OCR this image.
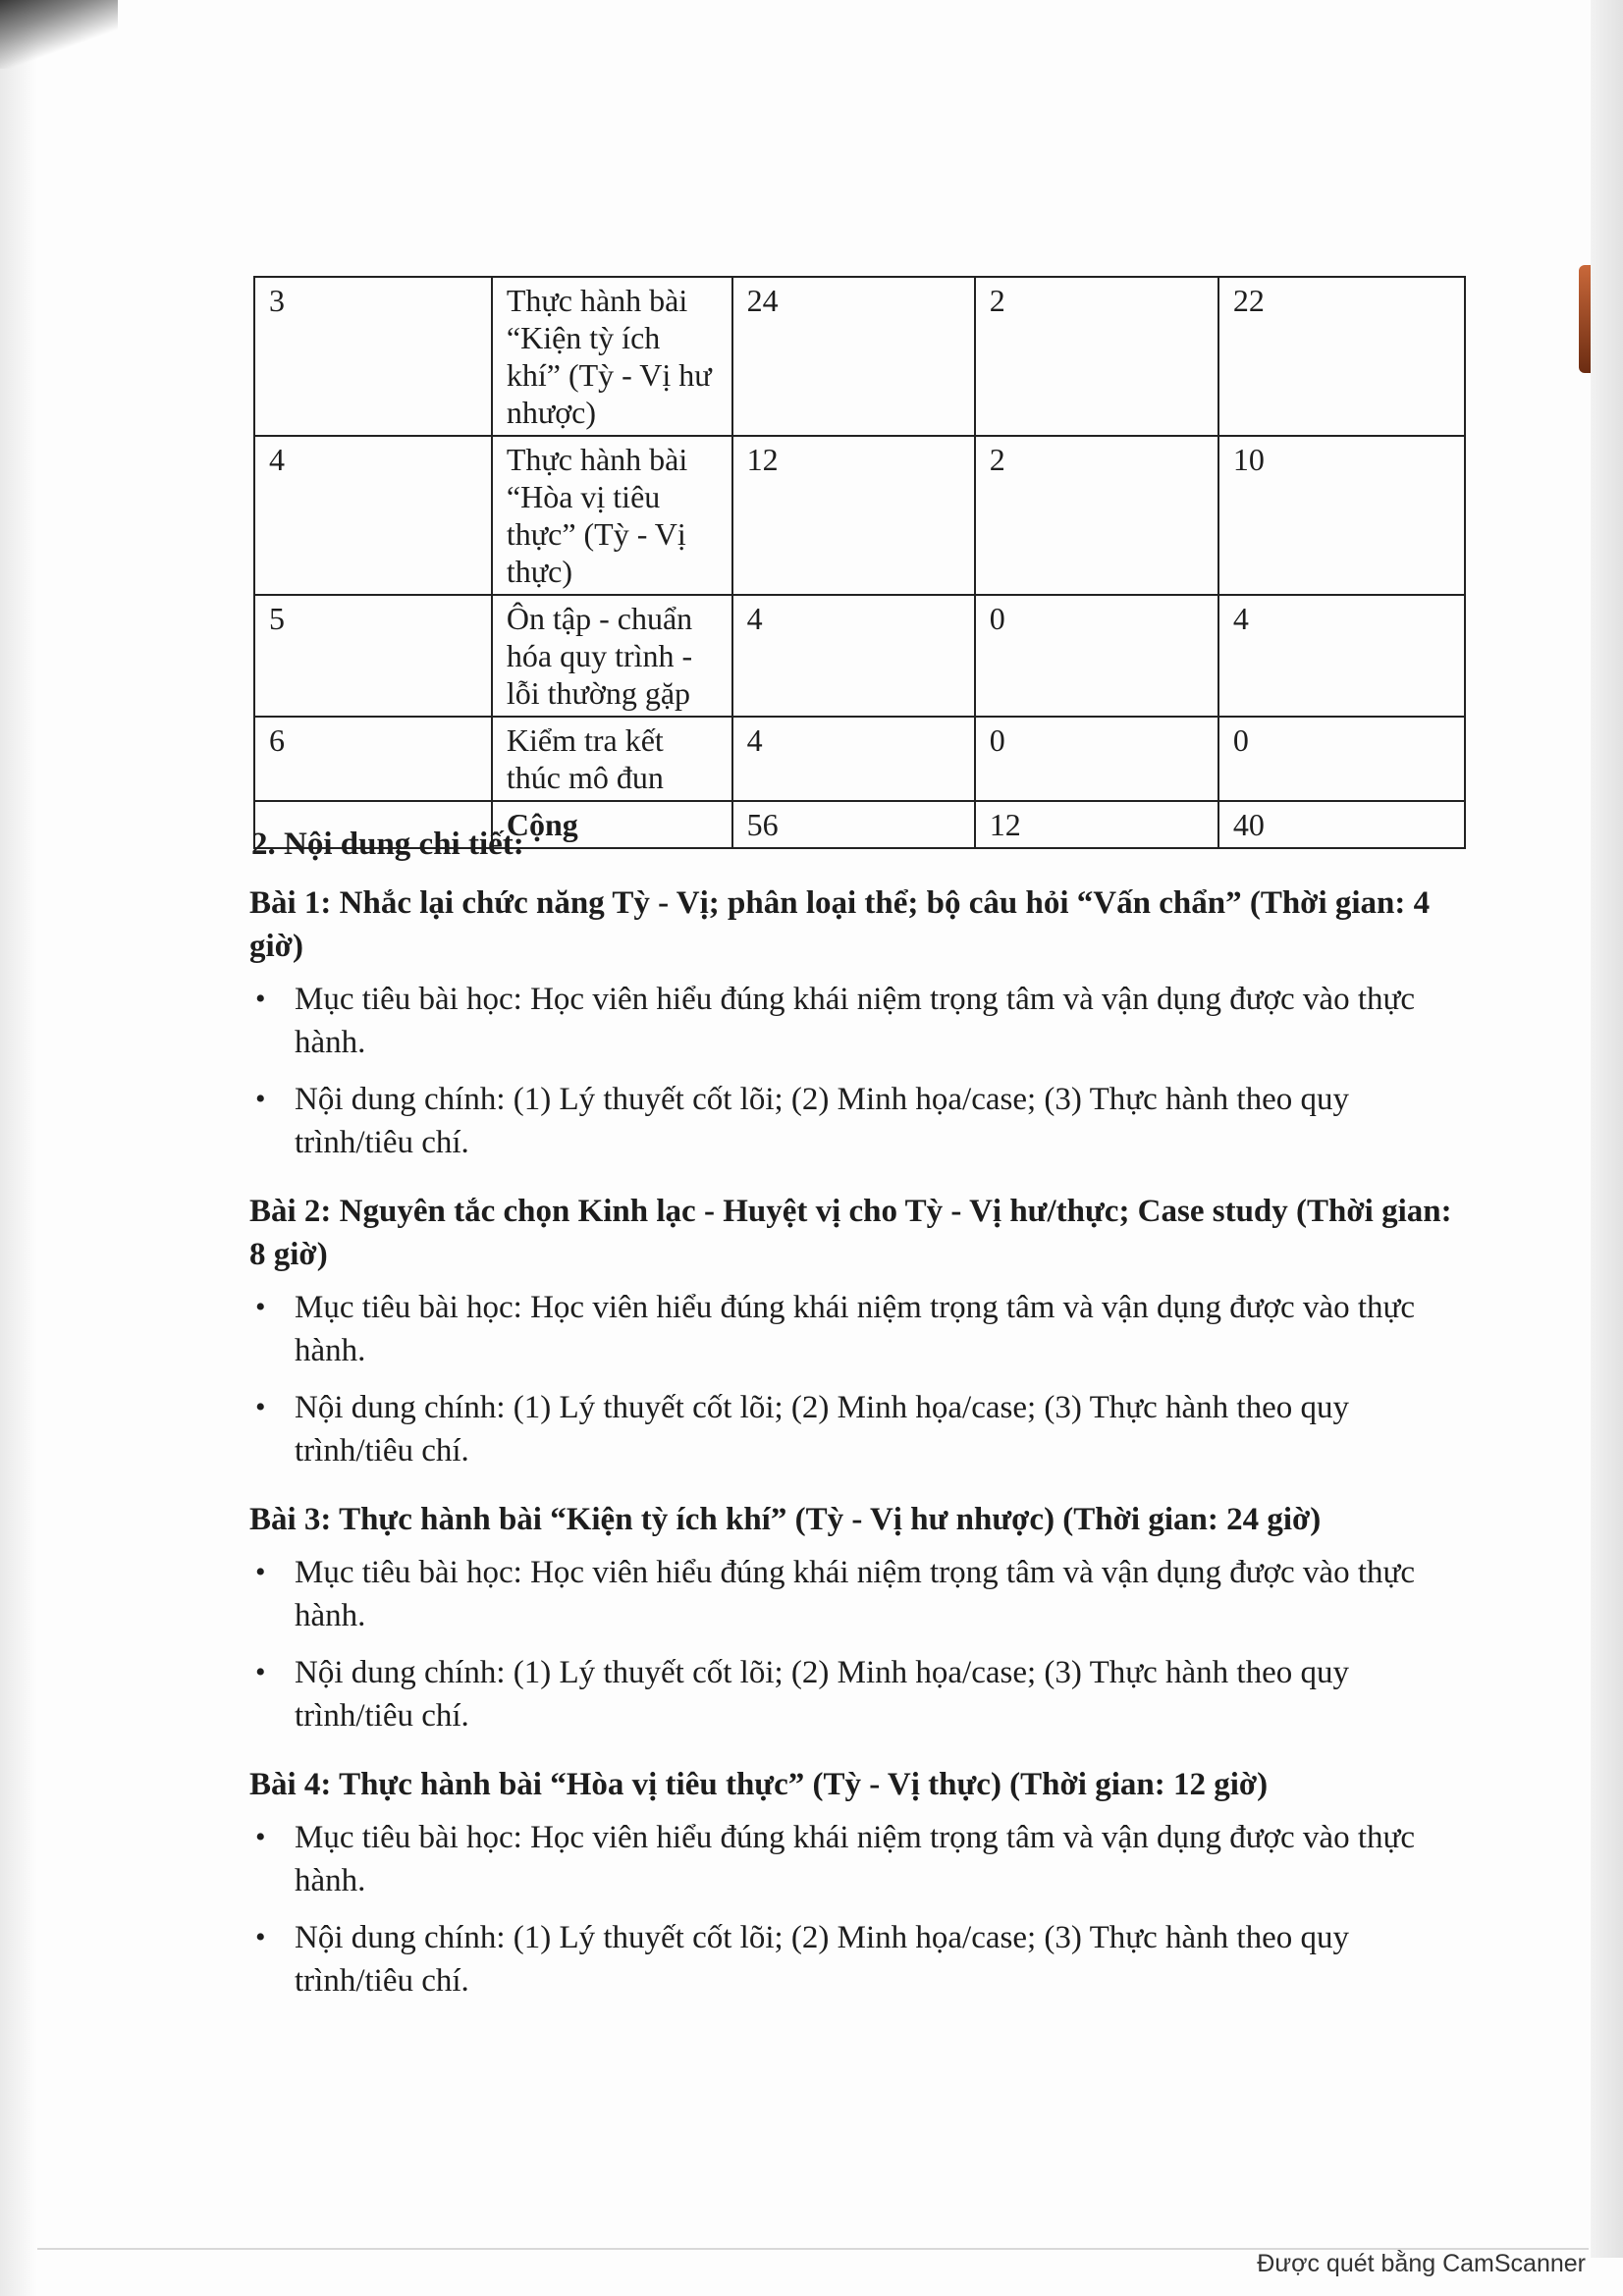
3	Thực hành bài “Kiện tỳ ích khí” (Tỳ - Vị hư nhược)	24	2	22
4	Thực hành bài “Hòa vị tiêu thực” (Tỳ - Vị thực)	12	2	10
5	Ôn tập - chuẩn hóa quy trình - lỗi thường gặp	4	0	4
6	Kiểm tra kết thúc mô đun	4	0	0
	Cộng	56	12	40
2. Nội dung chi tiết:
Bài 1: Nhắc lại chức năng Tỳ - Vị; phân loại thể; bộ câu hỏi “Vấn chẩn” (Thời gian: 4 giờ)
• Mục tiêu bài học: Học viên hiểu đúng khái niệm trọng tâm và vận dụng được vào thực hành.
• Nội dung chính: (1) Lý thuyết cốt lõi; (2) Minh họa/case; (3) Thực hành theo quy trình/tiêu chí.
Bài 2: Nguyên tắc chọn Kinh lạc - Huyệt vị cho Tỳ - Vị hư/thực; Case study (Thời gian: 8 giờ)
• Mục tiêu bài học: Học viên hiểu đúng khái niệm trọng tâm và vận dụng được vào thực hành.
• Nội dung chính: (1) Lý thuyết cốt lõi; (2) Minh họa/case; (3) Thực hành theo quy trình/tiêu chí.
Bài 3: Thực hành bài “Kiện tỳ ích khí” (Tỳ - Vị hư nhược) (Thời gian: 24 giờ)
• Mục tiêu bài học: Học viên hiểu đúng khái niệm trọng tâm và vận dụng được vào thực hành.
• Nội dung chính: (1) Lý thuyết cốt lõi; (2) Minh họa/case; (3) Thực hành theo quy trình/tiêu chí.
Bài 4: Thực hành bài “Hòa vị tiêu thực” (Tỳ - Vị thực) (Thời gian: 12 giờ)
• Mục tiêu bài học: Học viên hiểu đúng khái niệm trọng tâm và vận dụng được vào thực hành.
• Nội dung chính: (1) Lý thuyết cốt lõi; (2) Minh họa/case; (3) Thực hành theo quy trình/tiêu chí.
Được quét bằng CamScanner
